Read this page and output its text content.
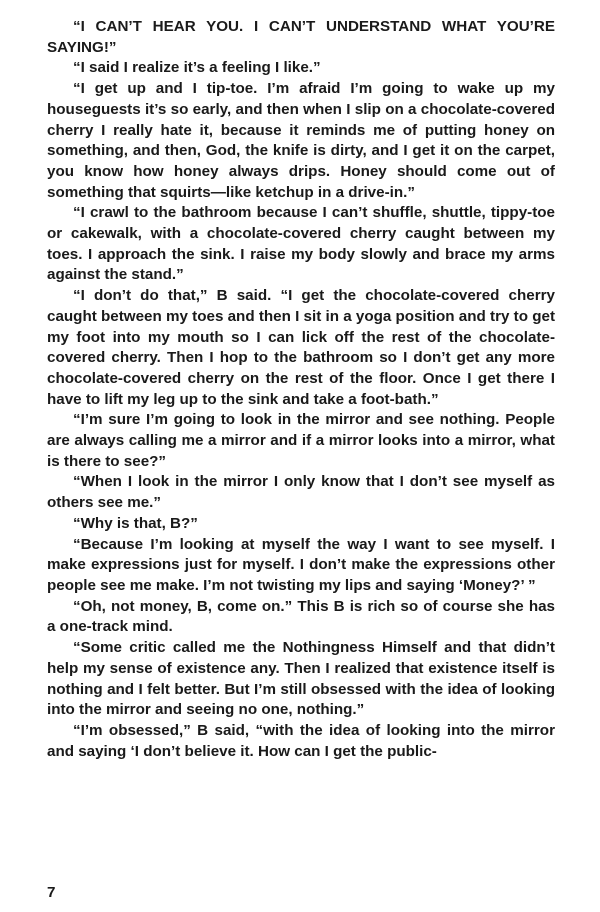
“I CAN’T HEAR YOU. I CAN’T UNDERSTAND WHAT YOU’RE SAYING!”

“I said I realize it’s a feeling I like.”

“I get up and I tip-toe. I’m afraid I’m going to wake up my houseguests it’s so early, and then when I slip on a chocolate-covered cherry I really hate it, because it reminds me of putting honey on something, and then, God, the knife is dirty, and I get it on the carpet, you know how honey always drips. Honey should come out of something that squirts—like ketchup in a drive-in.”

“I crawl to the bathroom because I can’t shuffle, shuttle, tippy-toe or cakewalk, with a chocolate-covered cherry caught between my toes. I approach the sink. I raise my body slowly and brace my arms against the stand.”

“I don’t do that,” B said. “I get the chocolate-covered cherry caught between my toes and then I sit in a yoga position and try to get my foot into my mouth so I can lick off the rest of the chocolate-covered cherry. Then I hop to the bathroom so I don’t get any more chocolate-covered cherry on the rest of the floor. Once I get there I have to lift my leg up to the sink and take a foot-bath.”

“I’m sure I’m going to look in the mirror and see nothing. People are always calling me a mirror and if a mirror looks into a mirror, what is there to see?”

“When I look in the mirror I only know that I don’t see myself as others see me.”

“Why is that, B?”

“Because I’m looking at myself the way I want to see myself. I make expressions just for myself. I don’t make the expressions other people see me make. I’m not twisting my lips and saying ‘Money?’ ”

“Oh, not money, B, come on.” This B is rich so of course she has a one-track mind.

“Some critic called me the Nothingness Himself and that didn’t help my sense of existence any. Then I realized that existence itself is nothing and I felt better. But I’m still obsessed with the idea of looking into the mirror and seeing no one, nothing.”

“I’m obsessed,” B said, “with the idea of looking into the mirror and saying ‘I don’t believe it. How can I get the public-

7
